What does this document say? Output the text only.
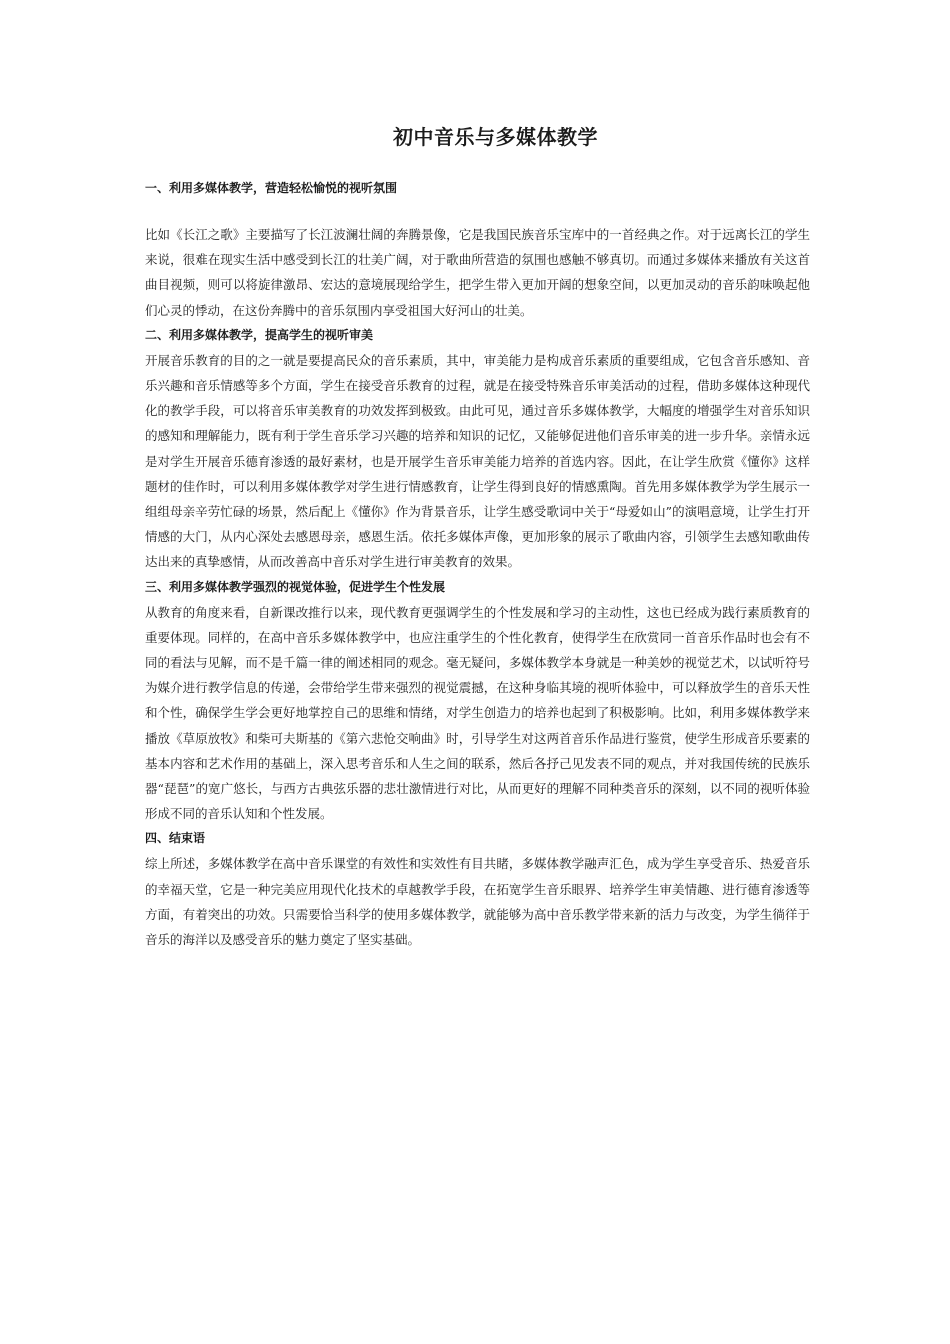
初中音乐与多媒体教学
一、利用多媒体教学，营造轻松愉悦的视听氛围

比如《长江之歌》主要描写了长江波澜壮阔的奔腾景像，它是我国民族音乐宝库中的一首经典之作。对于远离长江的学生来说，很难在现实生活中感受到长江的壮美广阔，对于歌曲所营造的氛围也感触不够真切。而通过多媒体来播放有关这首曲目视频，则可以将旋律激昂、宏达的意境展现给学生，把学生带入更加开阔的想象空间，以更加灵动的音乐韵味唤起他们心灵的悸动，在这份奔腾中的音乐氛围内享受祖国大好河山的壮美。

二、利用多媒体教学，提高学生的视听审美

开展音乐教育的目的之一就是要提高民众的音乐素质，其中，审美能力是构成音乐素质的重要组成，它包含音乐感知、音乐兴趣和音乐情感等多个方面，学生在接受音乐教育的过程，就是在接受特殊音乐审美活动的过程，借助多媒体这种现代化的教学手段，可以将音乐审美教育的功效发挥到极致。由此可见，通过音乐多媒体教学，大幅度的增强学生对音乐知识的感知和理解能力，既有利于学生音乐学习兴趣的培养和知识的记忆，又能够促进他们音乐审美的进一步升华。亲情永远是对学生开展音乐德育渗透的最好素材，也是开展学生音乐审美能力培养的首选内容。因此，在让学生欣赏《懂你》这样题材的佳作时，可以利用多媒体教学对学生进行情感教育，让学生得到良好的情感熏陶。首先用多媒体教学为学生展示一组组母亲辛劳忙碌的场景，然后配上《懂你》作为背景音乐，让学生感受歌词中关于“母爱如山”的演唱意境，让学生打开情感的大门，从内心深处去感恩母亲，感恩生活。依托多媒体声像，更加形象的展示了歌曲内容，引领学生去感知歌曲传达出来的真挚感情，从而改善高中音乐对学生进行审美教育的效果。

三、利用多媒体教学强烈的视觉体验，促进学生个性发展

从教育的角度来看，自新课改推行以来，现代教育更强调学生的个性发展和学习的主动性，这也已经成为践行素质教育的重要体现。同样的，在高中音乐多媒体教学中，也应注重学生的个性化教育，使得学生在欣赏同一首音乐作品时也会有不同的看法与见解，而不是千篇一律的阐述相同的观念。毫无疑问，多媒体教学本身就是一种美妙的视觉艺术，以试听符号为媒介进行教学信息的传递，会带给学生带来强烈的视觉震撼，在这种身临其境的视听体验中，可以释放学生的音乐天性和个性，确保学生学会更好地掌控自己的思维和情绪，对学生创造力的培养也起到了积极影响。比如，利用多媒体教学来播放《草原放牧》和柴可夫斯基的《第六悲怆交响曲》时，引导学生对这两首音乐作品进行鉴赏，使学生形成音乐要素的基本内容和艺术作用的基础上，深入思考音乐和人生之间的联系，然后各抒己见发表不同的观点，并对我国传统的民族乐器“琵琶”的宽广悠长，与西方古典弦乐器的悲壮激情进行对比，从而更好的理解不同种类音乐的深刻，以不同的视听体验形成不同的音乐认知和个性发展。

四、结束语

综上所述，多媒体教学在高中音乐课堂的有效性和实效性有目共睹，多媒体教学融声汇色，成为学生享受音乐、热爱音乐的幸福天堂，它是一种完美应用现代化技术的卓越教学手段，在拓宽学生音乐眼界、培养学生审美情趣、进行德育渗透等方面，有着突出的功效。只需要恰当科学的使用多媒体教学，就能够为高中音乐教学带来新的活力与改变，为学生徜徉于音乐的海洋以及感受音乐的魅力奠定了坚实基础。
